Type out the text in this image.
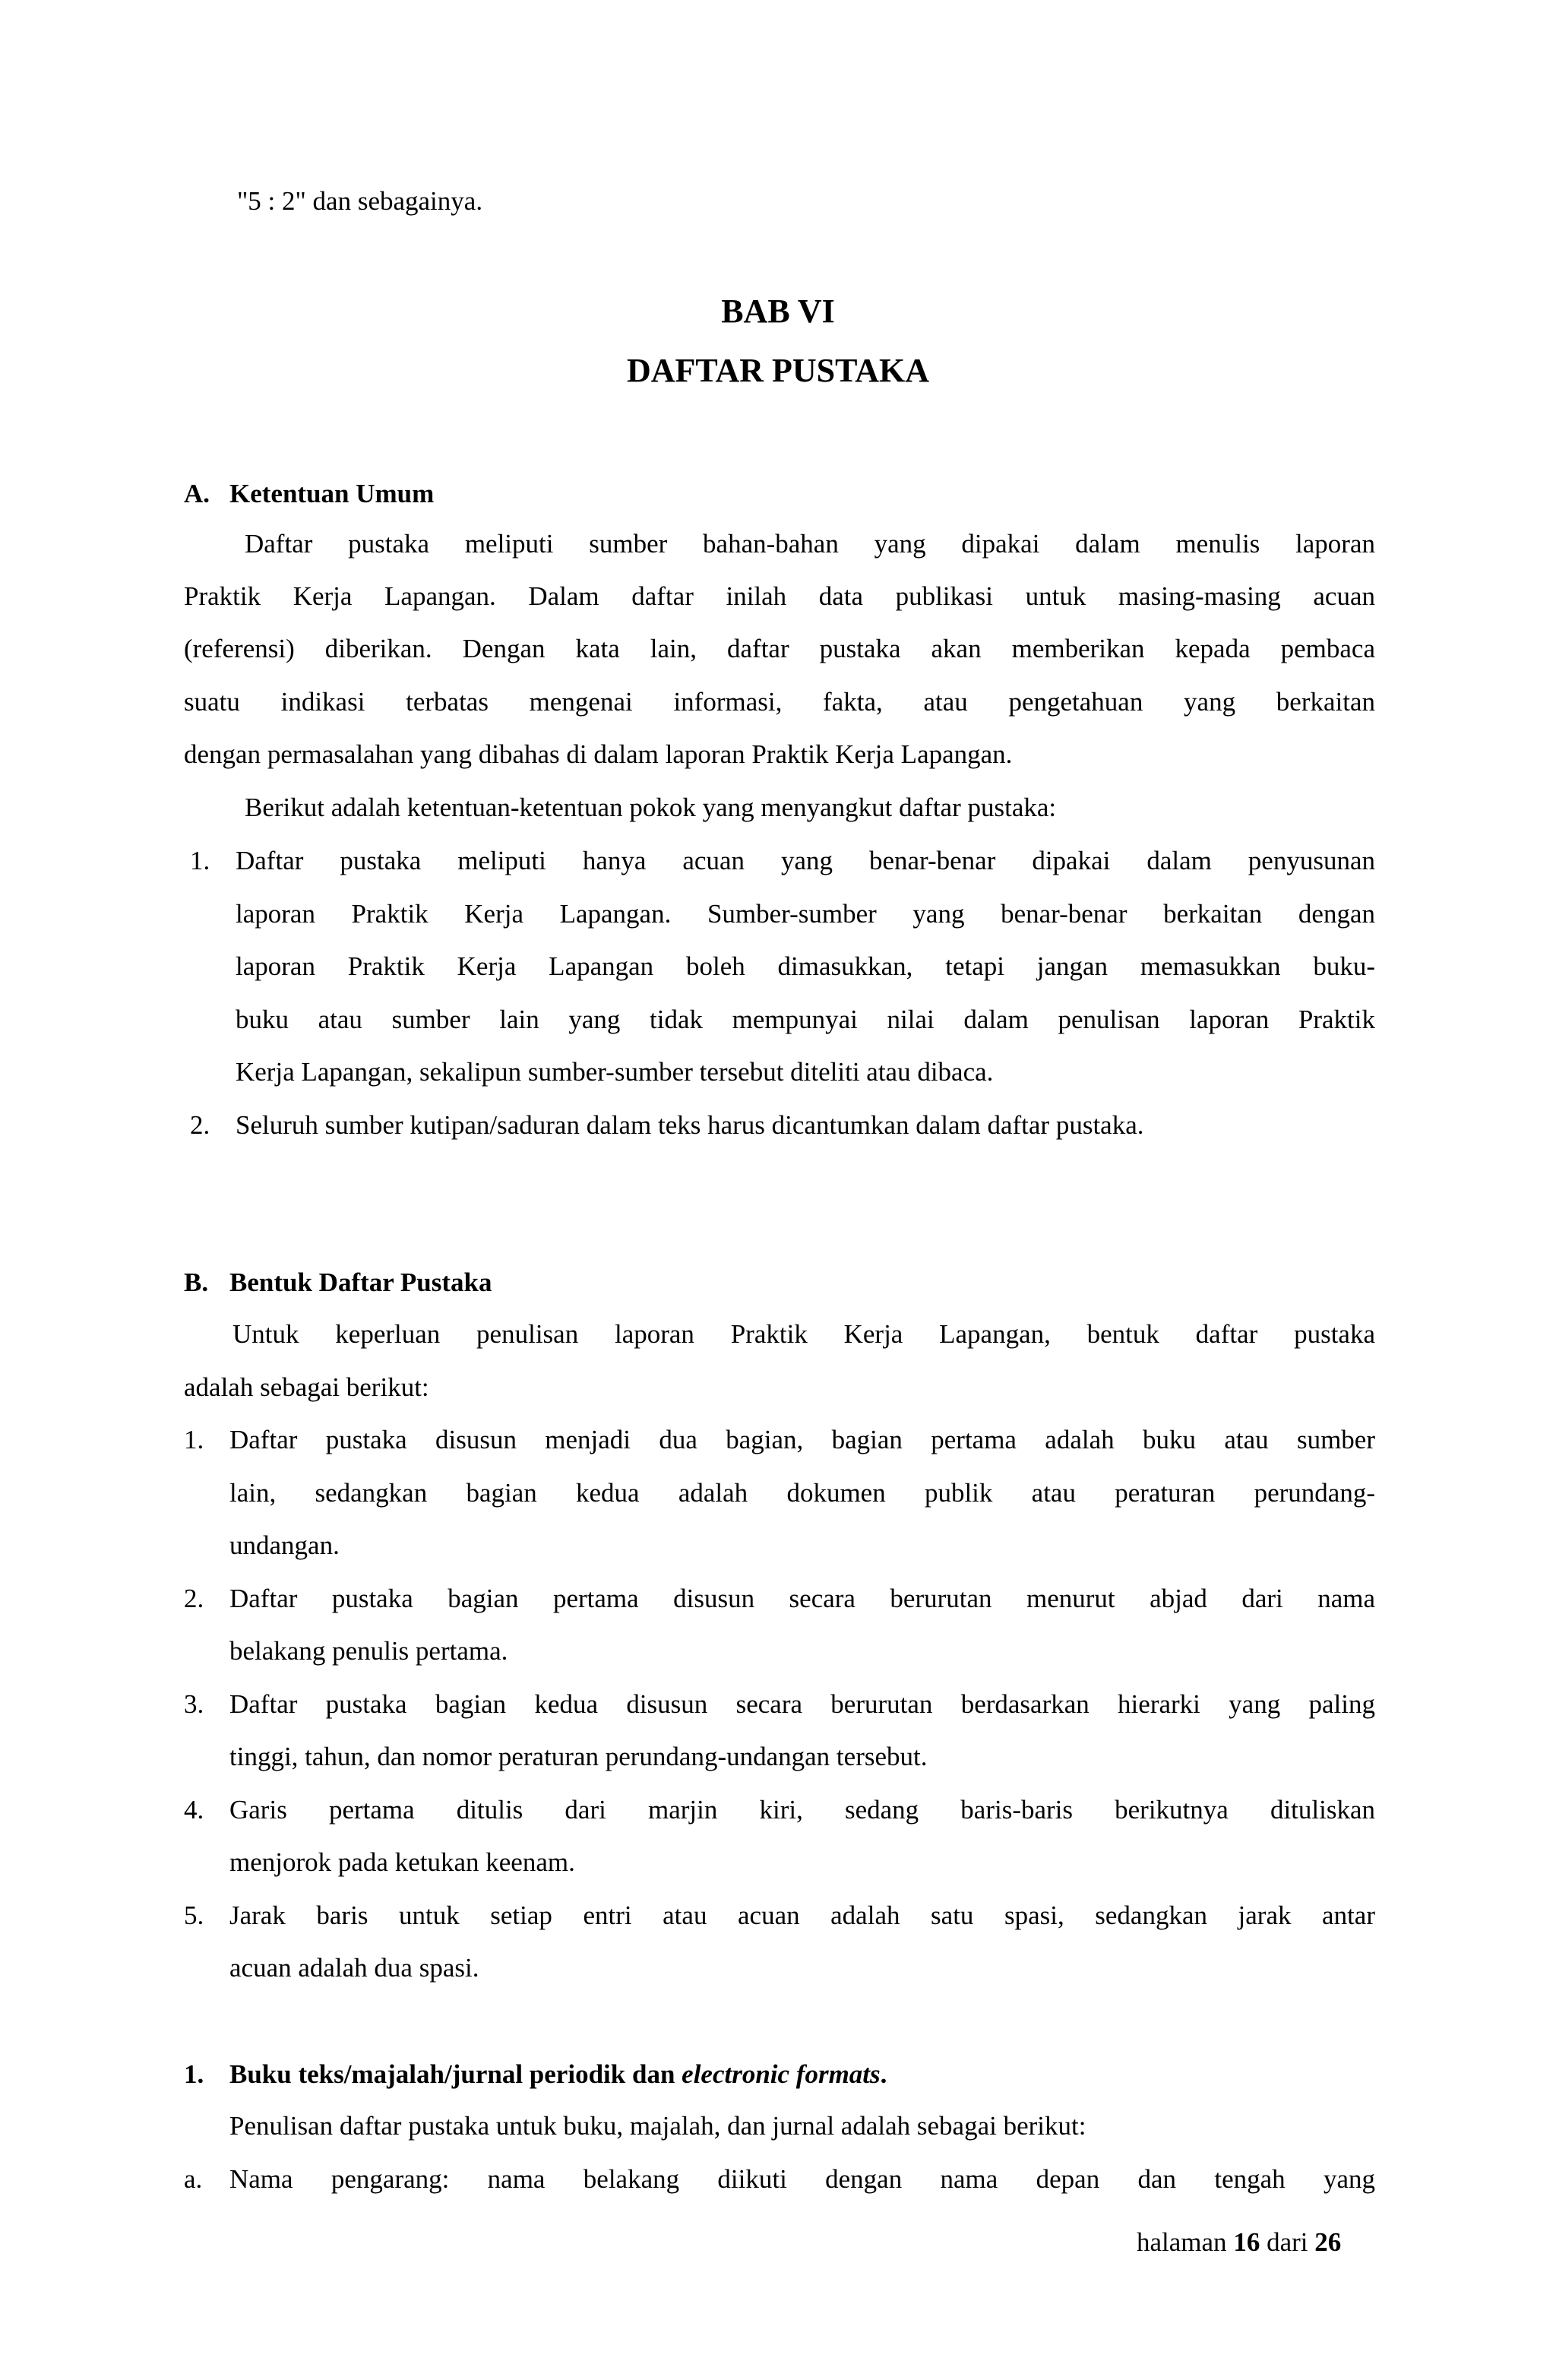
"5 : 2" dan sebagainya.
BAB VI
DAFTAR PUSTAKA
A. Ketentuan Umum
Daftar pustaka meliputi sumber bahan-bahan yang dipakai dalam menulis laporan
Praktik Kerja Lapangan. Dalam daftar inilah data publikasi untuk masing-masing acuan
(referensi) diberikan. Dengan kata lain, daftar pustaka akan memberikan kepada pembaca
suatu indikasi terbatas mengenai informasi, fakta, atau pengetahuan yang berkaitan
dengan permasalahan yang dibahas di dalam laporan Praktik Kerja Lapangan.
Berikut adalah ketentuan-ketentuan pokok yang menyangkut daftar pustaka:
1. Daftar pustaka meliputi hanya acuan yang benar-benar dipakai dalam penyusunan
laporan Praktik Kerja Lapangan. Sumber-sumber yang benar-benar berkaitan dengan
laporan Praktik Kerja Lapangan boleh dimasukkan, tetapi jangan memasukkan buku-
buku atau sumber lain yang tidak mempunyai nilai dalam penulisan laporan Praktik
Kerja Lapangan, sekalipun sumber-sumber tersebut diteliti atau dibaca.
2. Seluruh sumber kutipan/saduran dalam teks harus dicantumkan dalam daftar pustaka.
B. Bentuk Daftar Pustaka
Untuk keperluan penulisan laporan Praktik Kerja Lapangan, bentuk daftar pustaka
adalah sebagai berikut:
1. Daftar pustaka disusun menjadi dua bagian, bagian pertama adalah buku atau sumber
lain, sedangkan bagian kedua adalah dokumen publik atau peraturan perundang-
undangan.
2. Daftar pustaka bagian pertama disusun secara berurutan menurut abjad dari nama
belakang penulis pertama.
3. Daftar pustaka bagian kedua disusun secara berurutan berdasarkan hierarki yang paling
tinggi, tahun, dan nomor peraturan perundang-undangan tersebut.
4. Garis pertama ditulis dari marjin kiri, sedang baris-baris berikutnya dituliskan
menjorok pada ketukan keenam.
5. Jarak baris untuk setiap entri atau acuan adalah satu spasi, sedangkan jarak antar
acuan adalah dua spasi.
1. Buku teks/majalah/jurnal periodik dan electronic formats.
Penulisan daftar pustaka untuk buku, majalah, dan jurnal adalah sebagai berikut:
a. Nama pengarang: nama belakang diikuti dengan nama depan dan tengah yang
halaman 16 dari 26
